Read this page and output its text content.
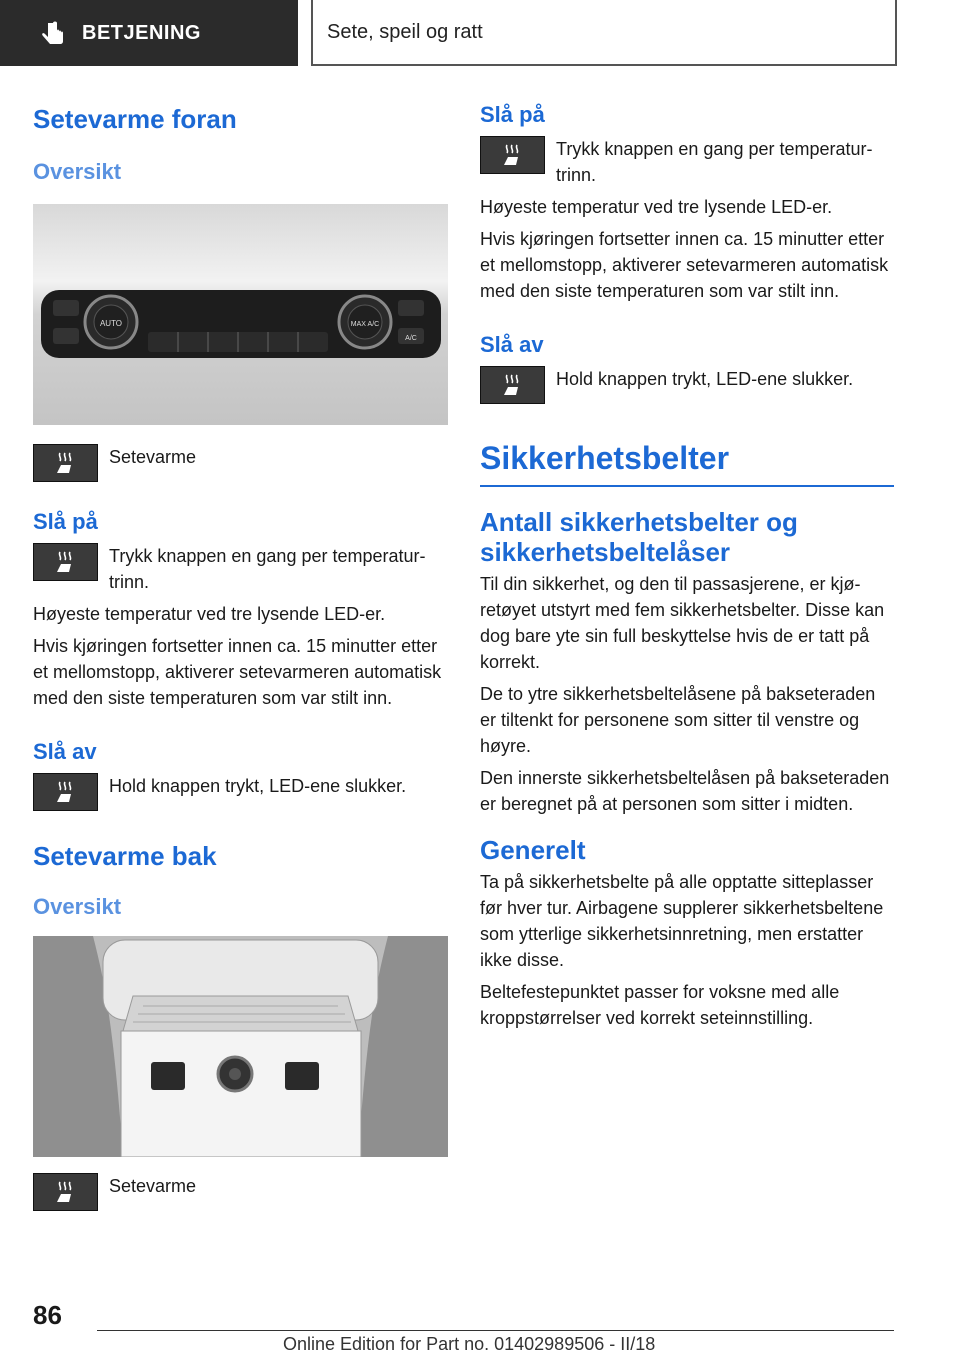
BETJENING	Sete, speil og ratt
Setevarme foran
Oversikt
AUTO	MAX A/C
A/C
Setevarme
Slå på

Trykk knappen en gang per temperaturtrinn.

Høyeste temperatur ved tre lysende LED-er.

Hvis kjøringen fortsetter innen ca. 15 minutter etter et mellomstopp, aktiverer setevarmeren automatisk med den siste temperaturen som var stilt inn.

Slå av

Hold knappen trykt, LED-ene slukker.

Setevarme bak
Oversikt
Setevarme
Slå på

Trykk knappen en gang per temperaturtrinn.

Høyeste temperatur ved tre lysende LED-er.

Hvis kjøringen fortsetter innen ca. 15 minutter etter et mellomstopp, aktiverer setevarmeren automatisk med den siste temperaturen som var stilt inn.

Slå av

Hold knappen trykt, LED-ene slukker.

Sikkerhetsbelter
Antall sikkerhetsbelter og sikkerhetsbeltelåser

Til din sikkerhet, og den til passasjerene, er kjøretøyet utstyrt med fem sikkerhetsbelter. Disse kan dog bare yte sin full beskyttelse hvis de er tatt på korrekt.

De to ytre sikkerhetsbeltelåsene på bakseteraden er tiltenkt for personene som sitter til venstre og høyre.

Den innerste sikkerhetsbeltelåsen på bakseteraden er beregnet på at personen som sitter i midten.

Generelt

Ta på sikkerhetsbelte på alle opptatte sitteplasser før hver tur. Airbagene supplerer sikkerhetsbeltene som ytterlige sikkerhetsinnretning, men erstatter ikke disse.

Beltefestepunktet passer for voksne med alle kroppstørrelser ved korrekt seteinnstilling.

86
Online Edition for Part no. 01402989506 - II/18
